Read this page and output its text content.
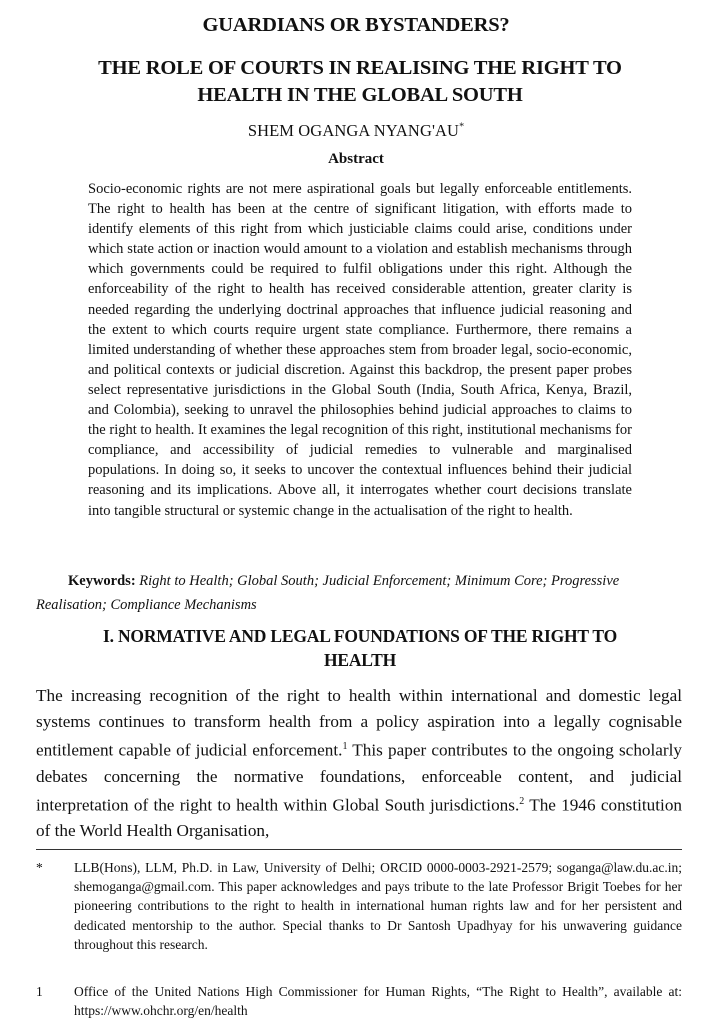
GUARDIANS OR BYSTANDERS?
THE ROLE OF COURTS IN REALISING THE RIGHT TO HEALTH IN THE GLOBAL SOUTH
SHEM OGANGA NYANG'AU*
Abstract
Socio-economic rights are not mere aspirational goals but legally enforceable entitlements. The right to health has been at the centre of significant litigation, with efforts made to identify elements of this right from which justiciable claims could arise, conditions under which state action or inaction would amount to a violation and establish mechanisms through which governments could be required to fulfil obligations under this right. Although the enforceability of the right to health has received considerable attention, greater clarity is needed regarding the underlying doctrinal approaches that influence judicial reasoning and the extent to which courts require urgent state compliance. Furthermore, there remains a limited understanding of whether these approaches stem from broader legal, socio-economic, and political contexts or judicial discretion. Against this backdrop, the present paper probes select representative jurisdictions in the Global South (India, South Africa, Kenya, Brazil, and Colombia), seeking to unravel the philosophies behind judicial approaches to claims to the right to health. It examines the legal recognition of this right, institutional mechanisms for compliance, and accessibility of judicial remedies to vulnerable and marginalised populations. In doing so, it seeks to uncover the contextual influences behind their judicial reasoning and its implications. Above all, it interrogates whether court decisions translate into tangible structural or systemic change in the actualisation of the right to health.
Keywords: Right to Health; Global South; Judicial Enforcement; Minimum Core; Progressive Realisation; Compliance Mechanisms
I. NORMATIVE AND LEGAL FOUNDATIONS OF THE RIGHT TO HEALTH
The increasing recognition of the right to health within international and domestic legal systems continues to transform health from a policy aspiration into a legally cognisable entitlement capable of judicial enforcement.$^1$ This paper contributes to the ongoing scholarly debates concerning the normative foundations, enforceable content, and judicial interpretation of the right to health within Global South jurisdictions.$^2$ The 1946 constitution of the World Health Organisation,
*	LLB(Hons), LLM, Ph.D. in Law, University of Delhi; ORCID 0000-0003-2921-2579; soganga@law.du.ac.in; shemoganga@gmail.com. This paper acknowledges and pays tribute to the late Professor Brigit Toebes for her pioneering contributions to the right to health in international human rights law and for her persistent and dedicated mentorship to the author. Special thanks to Dr Santosh Upadhyay for his unwavering guidance throughout this research.
1	Office of the United Nations High Commissioner for Human Rights, “The Right to Health”, available at: https://www.ohchr.org/en/health
